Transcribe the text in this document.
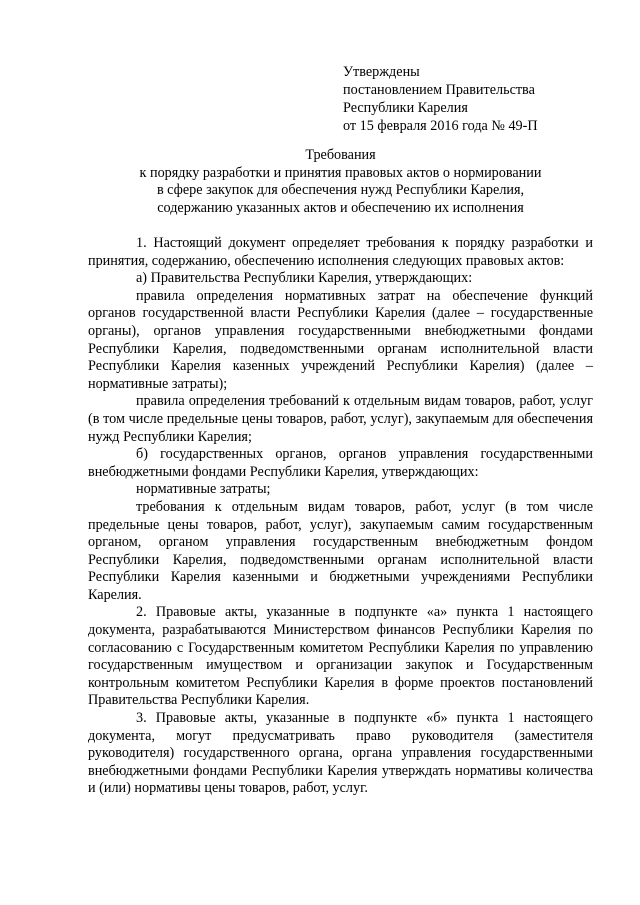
Утверждены
постановлением Правительства
Республики Карелия
от 15 февраля 2016 года № 49-П
Требования
к порядку разработки и принятия правовых актов о нормировании
в сфере закупок для обеспечения нужд Республики Карелия,
содержанию указанных актов и обеспечению их исполнения

1. Настоящий документ определяет требования к порядку разработки и принятия, содержанию, обеспечению исполнения следующих правовых актов:

а) Правительства Республики Карелия, утверждающих:

правила определения нормативных затрат на обеспечение функций органов государственной власти Республики Карелия (далее – государственные органы), органов управления государственными внебюджетными фондами Республики Карелия, подведомственными органам исполнительной власти Республики Карелия казенных учреждений Республики Карелия) (далее – нормативные затраты);

правила определения требований к отдельным видам товаров, работ, услуг (в том числе предельные цены товаров, работ, услуг), закупаемым для обеспечения нужд Республики Карелия;

б) государственных органов, органов управления государственными внебюджетными фондами Республики Карелия, утверждающих:

нормативные затраты;

требования к отдельным видам товаров, работ, услуг (в том числе предельные цены товаров, работ, услуг), закупаемым самим государственным органом, органом управления государственным внебюджетным фондом Республики Карелия, подведомственными органам исполнительной власти Республики Карелия казенными и бюджетными учреждениями Республики Карелия.

2. Правовые акты, указанные в подпункте «а» пункта 1 настоящего документа, разрабатываются Министерством финансов Республики Карелия по согласованию с Государственным комитетом Республики Карелия по управлению государственным имуществом и организации закупок и Государственным контрольным комитетом Республики Карелия в форме проектов постановлений Правительства Республики Карелия.

3. Правовые акты, указанные в подпункте «б» пункта 1 настоящего документа, могут предусматривать право руководителя (заместителя руководителя) государственного органа, органа управления государственными внебюджетными фондами Республики Карелия утверждать нормативы количества и (или) нормативы цены товаров, работ, услуг.
